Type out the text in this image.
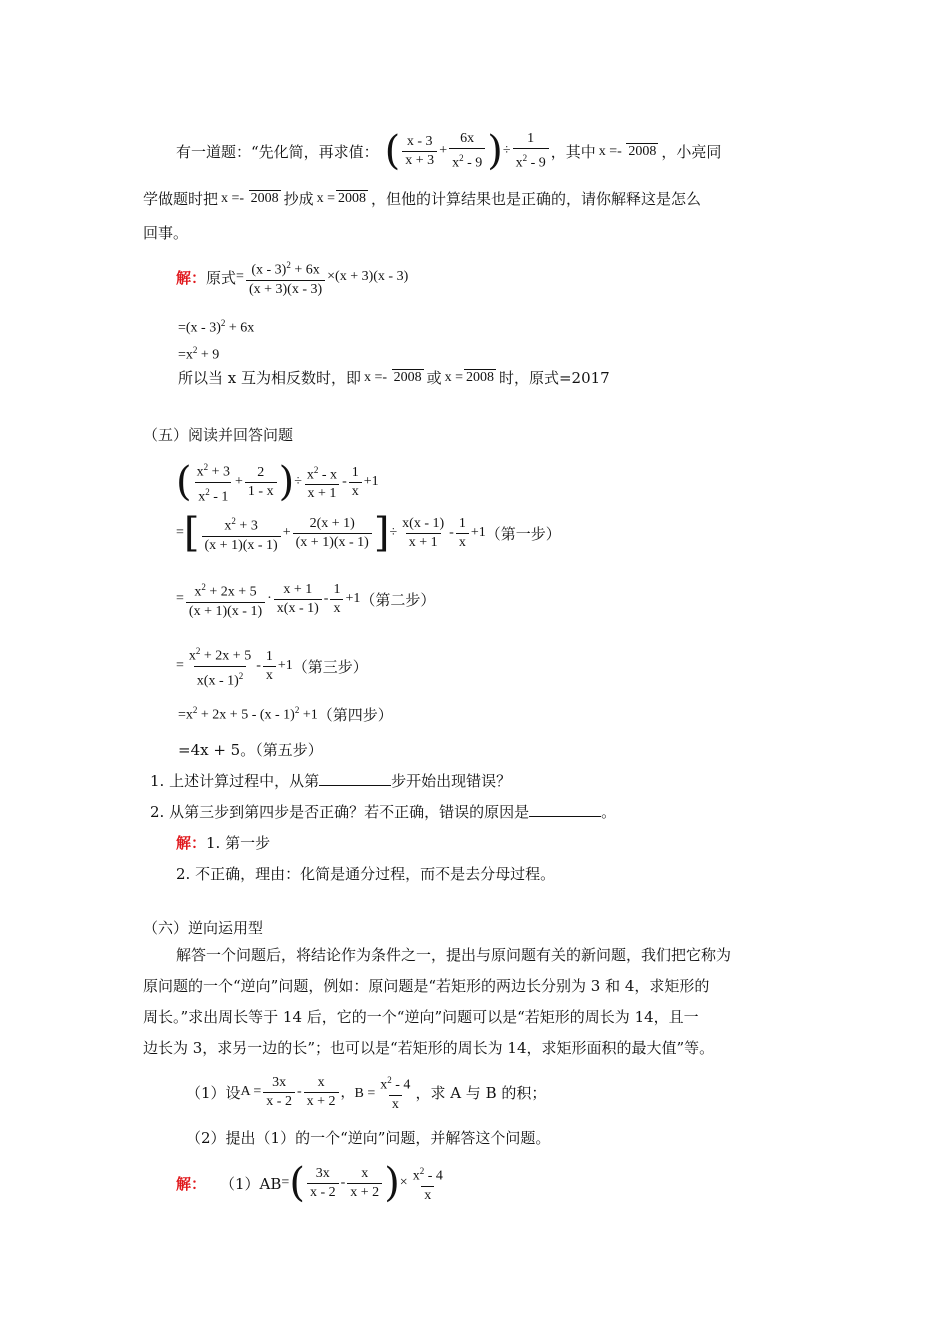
有一道题：“先化简，再求值： ( $\frac{x - 3}{x + 3} + \frac{6x}{x^2 - 9}$ ) ÷ $\frac{1}{x^2 - 9}$ ，其中 x =- 2008 ，小亮同
学做题时把 x =- 2008 抄成 x = 2008 ，但他的计算结果也是正确的，请你解释这是怎么
回事。
解： 原式 = $\frac{(x - 3)^2 + 6x}{(x + 3)(x - 3)} \times(x + 3)(x - 3)$
=(x - 3)$^2$ + 6x
$=x^2 + 9$
所以当 x 互为相反数时，即 x =- 2008 或 x = 2008 时，原式=2017
（五）阅读并回答问题
( $\frac{x^2 + 3}{x^2 - 1} + \frac{2}{1 - x}$ ) ÷ $\frac{x^2 - x}{x + 1} - \frac{1}{x} +1$
= [ $\frac{x^2 + 3}{(x + 1)(x - 1)} + \frac{2(x + 1)}{(x + 1)(x - 1)}$ ] ÷ $\frac{x(x - 1)}{x + 1} - \frac{1}{x} +1$ （第一步）
= $\frac{x^2 + 2x + 5}{(x + 1)(x - 1)} \cdot \frac{x + 1}{x(x - 1)} - \frac{1}{x} +1$ （第二步）
= $\frac{x^2 + 2x + 5}{x(x - 1)^2} - \frac{1}{x} +1$ （第三步）
$=x^2 + 2x + 5 - (x - 1)^2 +1$ （第四步）
=4x + 5。（第五步）
1. 上述计算过程中，从第	步开始出现错误？
2. 从第三步到第四步是否正确？若不正确，错误的原因是	。
解：1. 第一步
2. 不正确，理由：化简是通分过程，而不是去分母过程。
（六）逆向运用型
解答一个问题后，将结论作为条件之一，提出与原问题有关的新问题，我们把它称为
原问题的一个“逆向”问题，例如：原问题是“若矩形的两边长分别为 3 和 4，求矩形的
周长。”求出周长等于 14 后，它的一个“逆向”问题可以是“若矩形的周长为 14，且一
边长为 3，求另一边的长”；也可以是“若矩形的周长为 14，求矩形面积的最大值”等。
（1）设 $A = \frac{3x}{x - 2} - \frac{x}{x + 2}$ ，$B = \frac{x^2 - 4}{x}$ ，求 A 与 B 的积；
（2）提出（1）的一个“逆向”问题，并解答这个问题。
解： （1）AB = ( $\frac{3x}{x - 2} - \frac{x}{x + 2}$ ) × $\frac{x^2 - 4}{x}$
